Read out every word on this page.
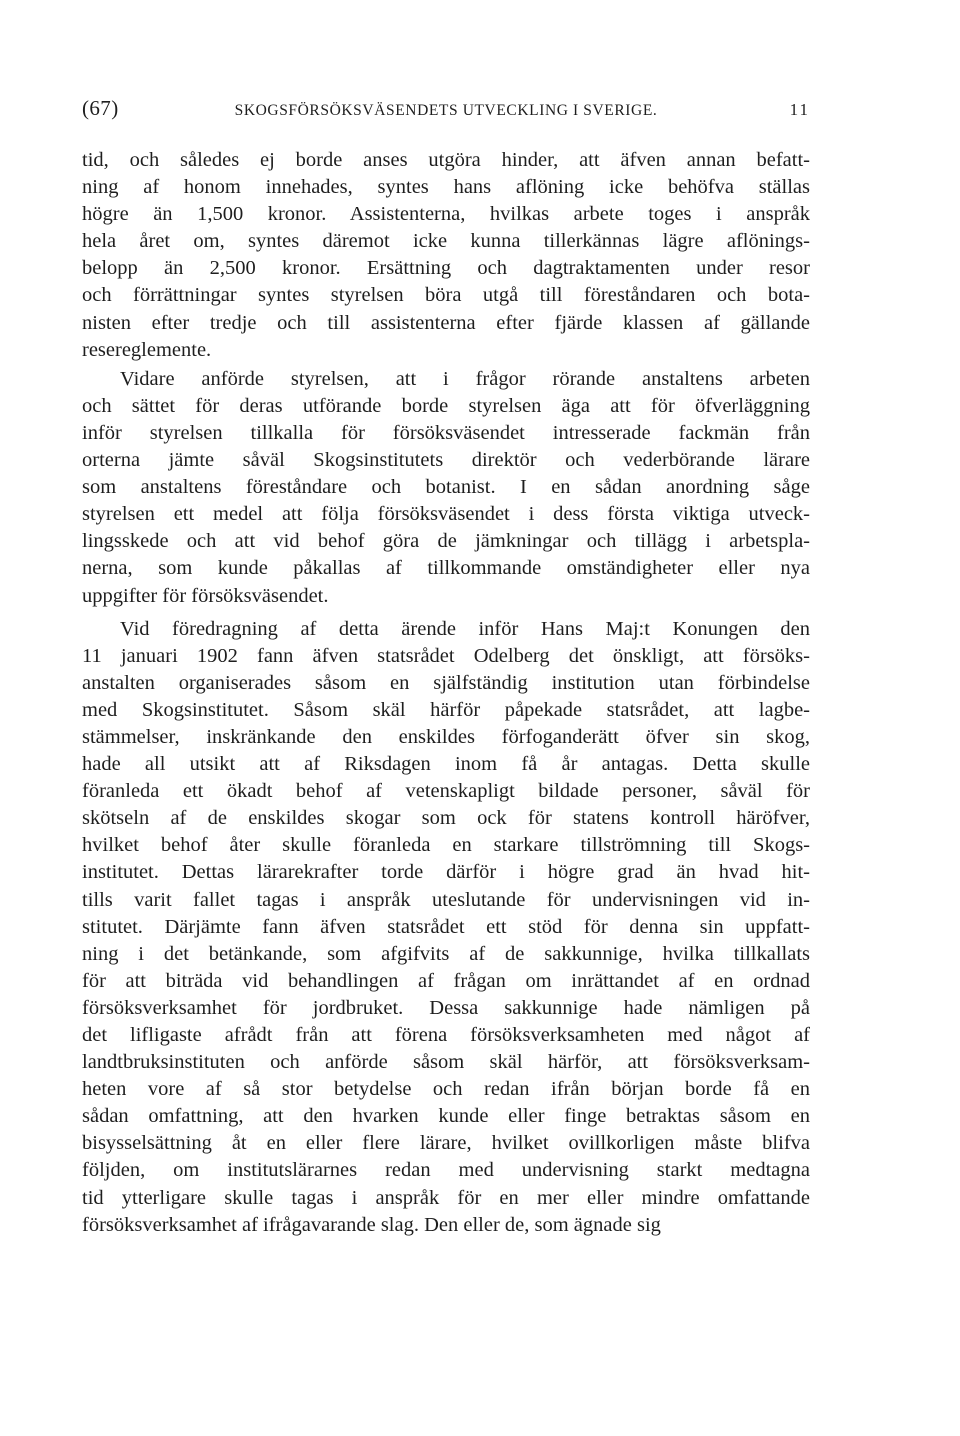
(67)	SKOGSFÖRSÖKSVÄSENDETS UTVECKLING I SVERIGE.	11

tid, och således ej borde anses utgöra hinder, att äfven annan befatt-
ning af honom innehades, syntes hans aflöning icke behöfva ställas
högre än 1,500 kronor. Assistenterna, hvilkas arbete toges i anspråk
hela året om, syntes däremot icke kunna tillerkännas lägre aflönings-
belopp än 2,500 kronor. Ersättning och dagtraktamenten under resor
och förrättningar syntes styrelsen böra utgå till föreståndaren och bota-
nisten efter tredje och till assistenterna efter fjärde klassen af gällande
resereglemente.

Vidare anförde styrelsen, att i frågor rörande anstaltens arbeten
och sättet för deras utförande borde styrelsen äga att för öfverläggning
inför styrelsen tillkalla för försöksväsendet intresserade fackmän från
orterna jämte såväl Skogsinstitutets direktör och vederbörande lärare
som anstaltens föreståndare och botanist. I en sådan anordning såge
styrelsen ett medel att följa försöksväsendet i dess första viktiga utveck-
lingsskede och att vid behof göra de jämkningar och tillägg i arbetspla-
nerna, som kunde påkallas af tillkommande omständigheter eller nya
uppgifter för försöksväsendet.

Vid föredragning af detta ärende inför Hans Maj:t Konungen den
11 januari 1902 fann äfven statsrådet Odelberg det önskligt, att försöks-
anstalten organiserades såsom en själfständig institution utan förbindelse
med Skogsinstitutet. Såsom skäl härför påpekade statsrådet, att lagbe-
stämmelser, inskränkande den enskildes förfoganderätt öfver sin skog,
hade all utsikt att af Riksdagen inom få år antagas. Detta skulle
föranleda ett ökadt behof af vetenskapligt bildade personer, såväl för
skötseln af de enskildes skogar som ock för statens kontroll häröfver,
hvilket behof åter skulle föranleda en starkare tillströmning till Skogs-
institutet. Dettas lärarekrafter torde därför i högre grad än hvad hit-
tills varit fallet tagas i anspråk uteslutande för undervisningen vid in-
stitutet. Därjämte fann äfven statsrådet ett stöd för denna sin uppfatt-
ning i det betänkande, som afgifvits af de sakkunnige, hvilka tillkallats
för att biträda vid behandlingen af frågan om inrättandet af en ordnad
försöksverksamhet för jordbruket. Dessa sakkunnige hade nämligen på
det lifligaste afrådt från att förena försöksverksamheten med något af
landtbruksinstituten och anförde såsom skäl härför, att försöksverksam-
heten vore af så stor betydelse och redan ifrån början borde få en
sådan omfattning, att den hvarken kunde eller finge betraktas såsom en
bisysselsättning åt en eller flere lärare, hvilket ovillkorligen måste blifva
följden, om institutslärarnes redan med undervisning starkt medtagna
tid ytterligare skulle tagas i anspråk för en mer eller mindre omfattande
försöksverksamhet af ifrågavarande slag. Den eller de, som ägnade sig
